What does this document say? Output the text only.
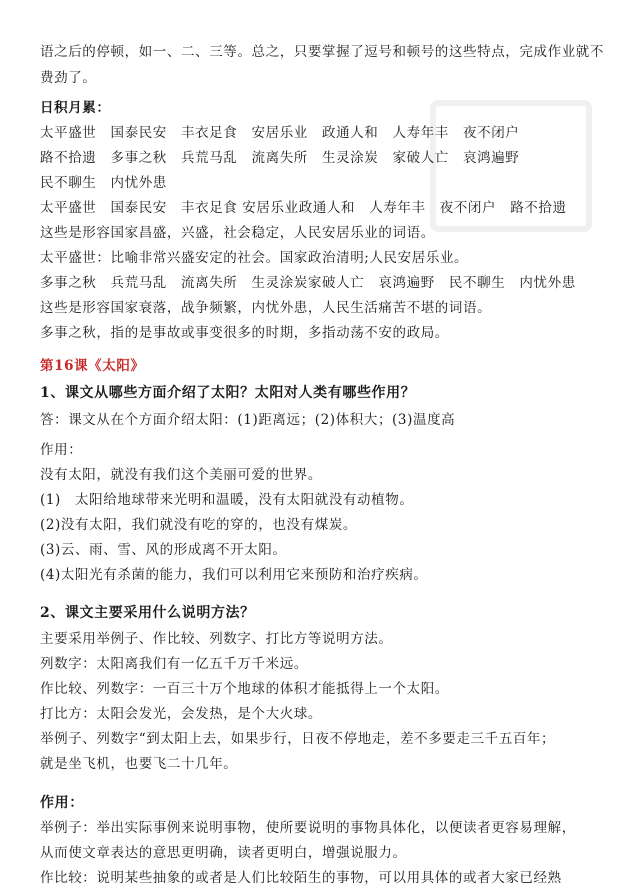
语之后的停顿，如一、二、三等。总之，只要掌握了逗号和顿号的这些特点，完成作业就不
费劲了。
日积月累：
太平盛世　国泰民安　丰衣足食　安居乐业　政通人和　人寿年丰　夜不闭户
路不拾遗　多事之秋　兵荒马乱　流离失所　生灵涂炭　家破人亡　哀鸿遍野
民不聊生　内忧外患
太平盛世　国泰民安　丰衣足食 安居乐业政通人和　人寿年丰　夜不闭户　路不拾遗
这些是形容国家昌盛，兴盛，社会稳定，人民安居乐业的词语。
太平盛世：比喻非常兴盛安定的社会。国家政治清明;人民安居乐业。
多事之秋　兵荒马乱　流离失所　生灵涂炭家破人亡　哀鸿遍野　民不聊生　内忧外患
这些是形容国家衰落，战争频繁，内忧外患，人民生活痛苦不堪的词语。
多事之秋，指的是事故或事变很多的时期，多指动荡不安的政局。
第16课《太阳》
1、课文从哪些方面介绍了太阳？太阳对人类有哪些作用？
答：课文从在个方面介绍太阳：(1)距离远；(2)体积大；(3)温度高
作用：
没有太阳，就没有我们这个美丽可爱的世界。
(1)　太阳给地球带来光明和温暖，没有太阳就没有动植物。
(2)没有太阳，我们就没有吃的穿的，也没有煤炭。
(3)云、雨、雪、风的形成离不开太阳。
(4)太阳光有杀菌的能力，我们可以利用它来预防和治疗疾病。
2、课文主要采用什么说明方法？
主要采用举例子、作比较、列数字、打比方等说明方法。
列数字：太阳离我们有一亿五千万千米远。
作比较、列数字：一百三十万个地球的体积才能抵得上一个太阳。
打比方：太阳会发光，会发热，是个大火球。
举例子、列数字“到太阳上去，如果步行，日夜不停地走，差不多要走三千五百年；
就是坐飞机，也要飞二十几年。
作用：
举例子：举出实际事例来说明事物，使所要说明的事物具体化，以便读者更容易理解，
从而使文章表达的意思更明确，读者更明白，增强说服力。
作比较：说明某些抽象的或者是人们比较陌生的事物，可以用具体的或者大家已经熟
